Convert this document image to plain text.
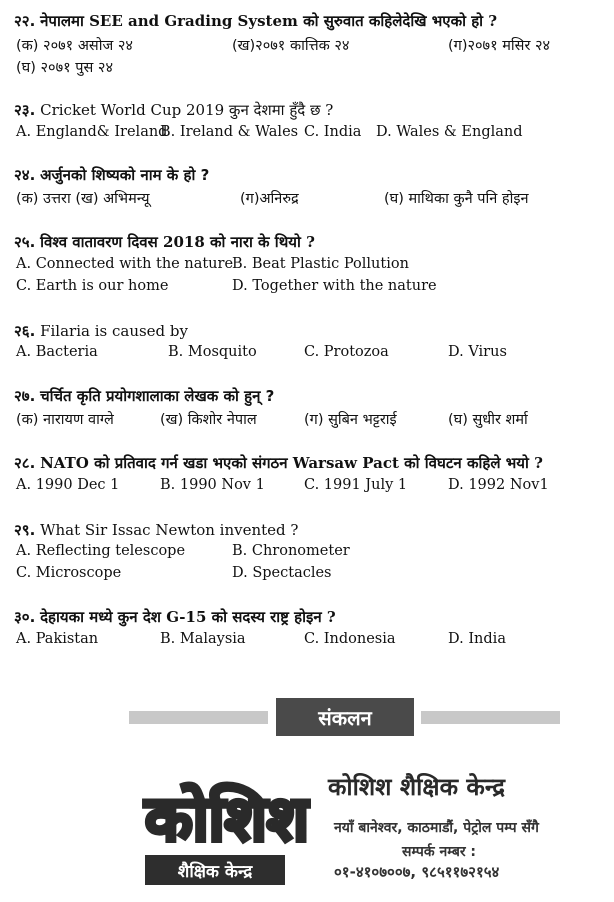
२२. नेपालमा SEE and Grading System को सुरुवात कहिलेदेखि भएको हो ?
(क) २०७१ असोज २४	(ख)२०७१ कात्तिक २४	(ग)२०७१ मसिर २४
(घ) २०७१ पुस २४
२३. Cricket World Cup 2019 कुन देशमा हुँदै छ ?
A. England& Ireland
B. Ireland & Wales C. India D. Wales & England
२४. अर्जुनको शिष्यको नाम के हो ?
(क) उत्तरा (ख) अभिमन्यू	(ग)अनिरुद्र	(घ) माथिका कुनै पनि होइन
२५. विश्व वातावरण दिवस 2018 को नारा के थियो ?
A. Connected with the nature
B. Beat Plastic Pollution
C. Earth is our home	D. Together with the nature
२६. Filaria is caused by
A. Bacteria	B. Mosquito	C. Protozoa	D. Virus
२७. चर्चित कृति प्रयोगशालाका लेखक को हुन् ?
(क) नारायण वाग्ले	(ख) किशोर नेपाल	(ग) सुबिन भट्टराई	(घ) सुधीर शर्मा
२८. NATO को प्रतिवाद गर्न खडा भएको संगठन Warsaw Pact को विघटन कहिले भयो ?
A. 1990 Dec 1	B. 1990 Nov 1	C. 1991 July 1	D. 1992 Nov1
२९. What Sir Issac Newton invented ?
A. Reflecting telescope	B. Chronometer
C. Microscope	D. Spectacles
३०. देहायका मध्ये कुन देश G-15 को सदस्य राष्ट्र होइन ?
A. Pakistan	B. Malaysia	C. Indonesia	D. India
संकलन
कोशिश
शैक्षिक केन्द्र
कोशिश शैक्षिक केन्द्र
नयाँ बानेश्वर, काठमाडौं, पेट्रोल पम्प सँगै
सम्पर्क नम्बर :
०१-४१०७००७, ९८५११७२१५४
